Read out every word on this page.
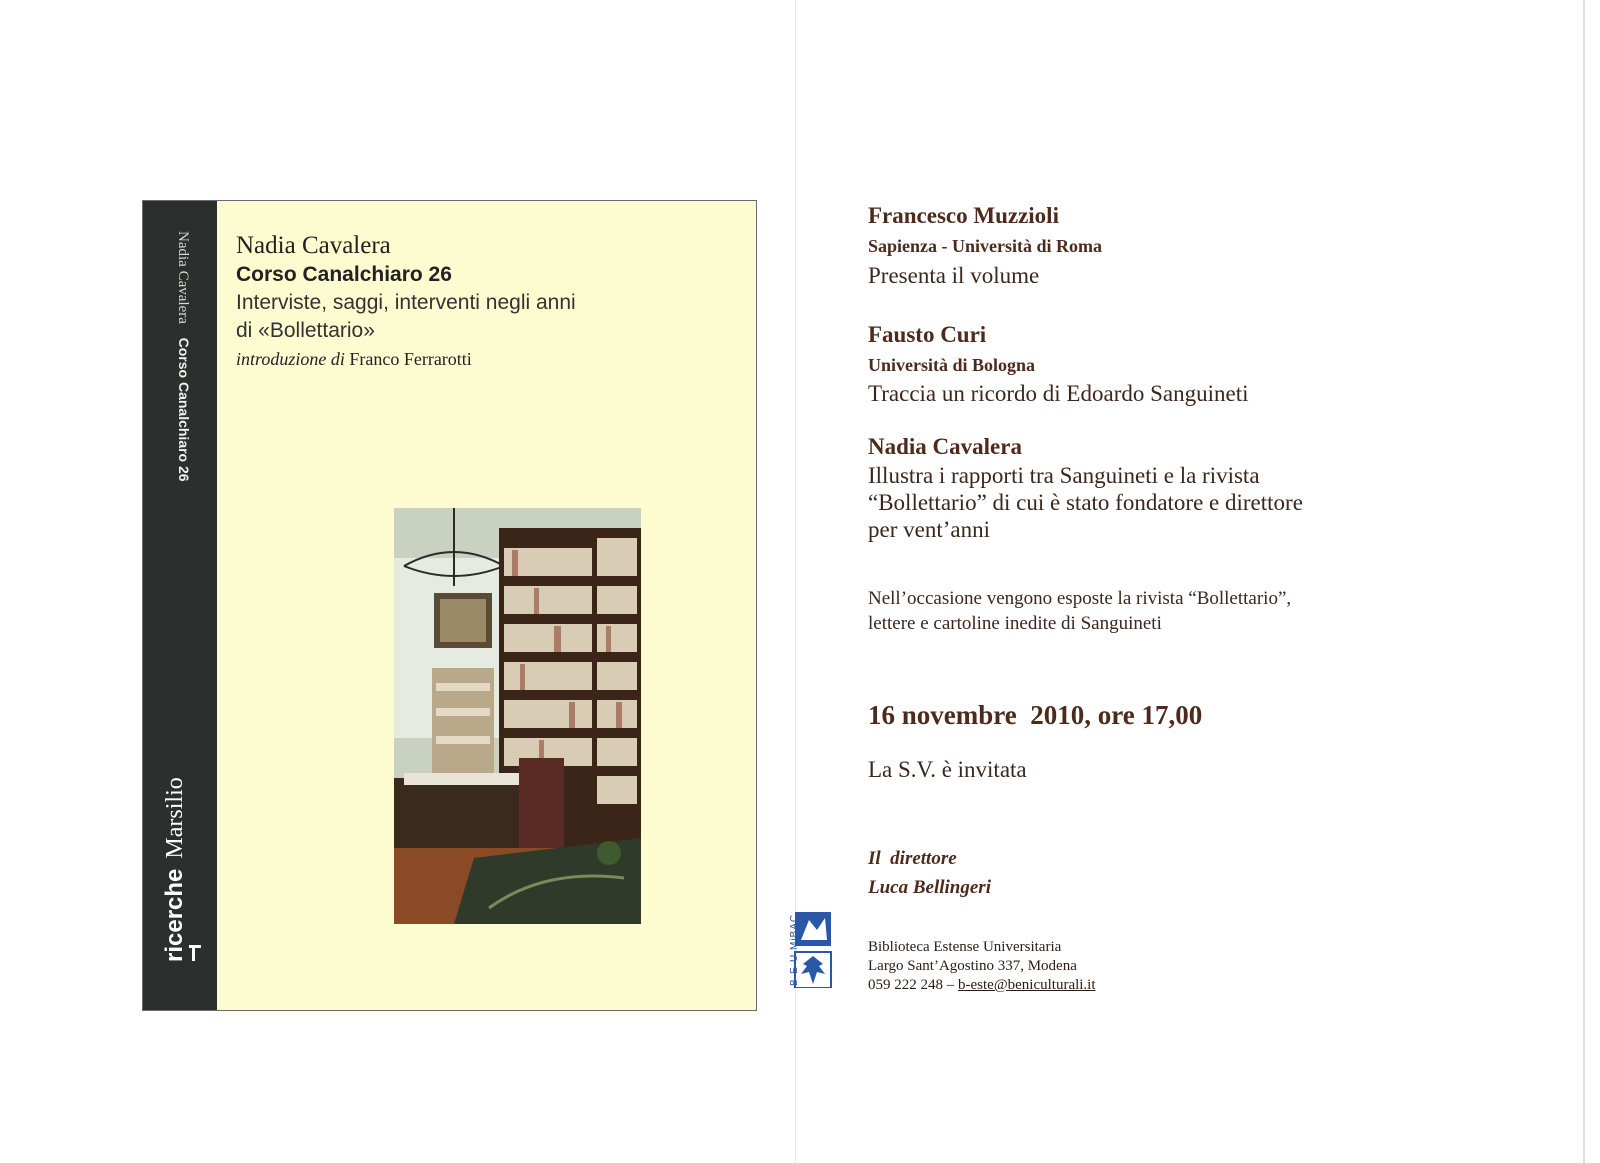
Nadia Cavalera Corso Canalchiaro 26
ricerche Marsilio
Nadia Cavalera
Corso Canalchiaro 26
Interviste, saggi, interventi negli anni
di «Bollettario»
introduzione di Franco Ferrarotti
Francesco Muzzioli
Sapienza - Università di Roma
Presenta il volume
Fausto Curi
Università di Bologna
Traccia un ricordo di Edoardo Sanguineti
Nadia Cavalera
Illustra i rapporti tra Sanguineti e la rivista
“Bollettario” di cui è stato fondatore e direttore
per vent’anni
Nell’occasione vengono esposte la rivista “Bollettario”,
lettere e cartoline inedite di Sanguineti
16 novembre  2010, ore 17,00
La S.V. è invitata
Il  direttore
Luca Bellingeri
Biblioteca Estense Universitaria
Largo Sant’Agostino 337, Modena
059 222 248 – b-este@beniculturali.it
B·E·U MiBAC
